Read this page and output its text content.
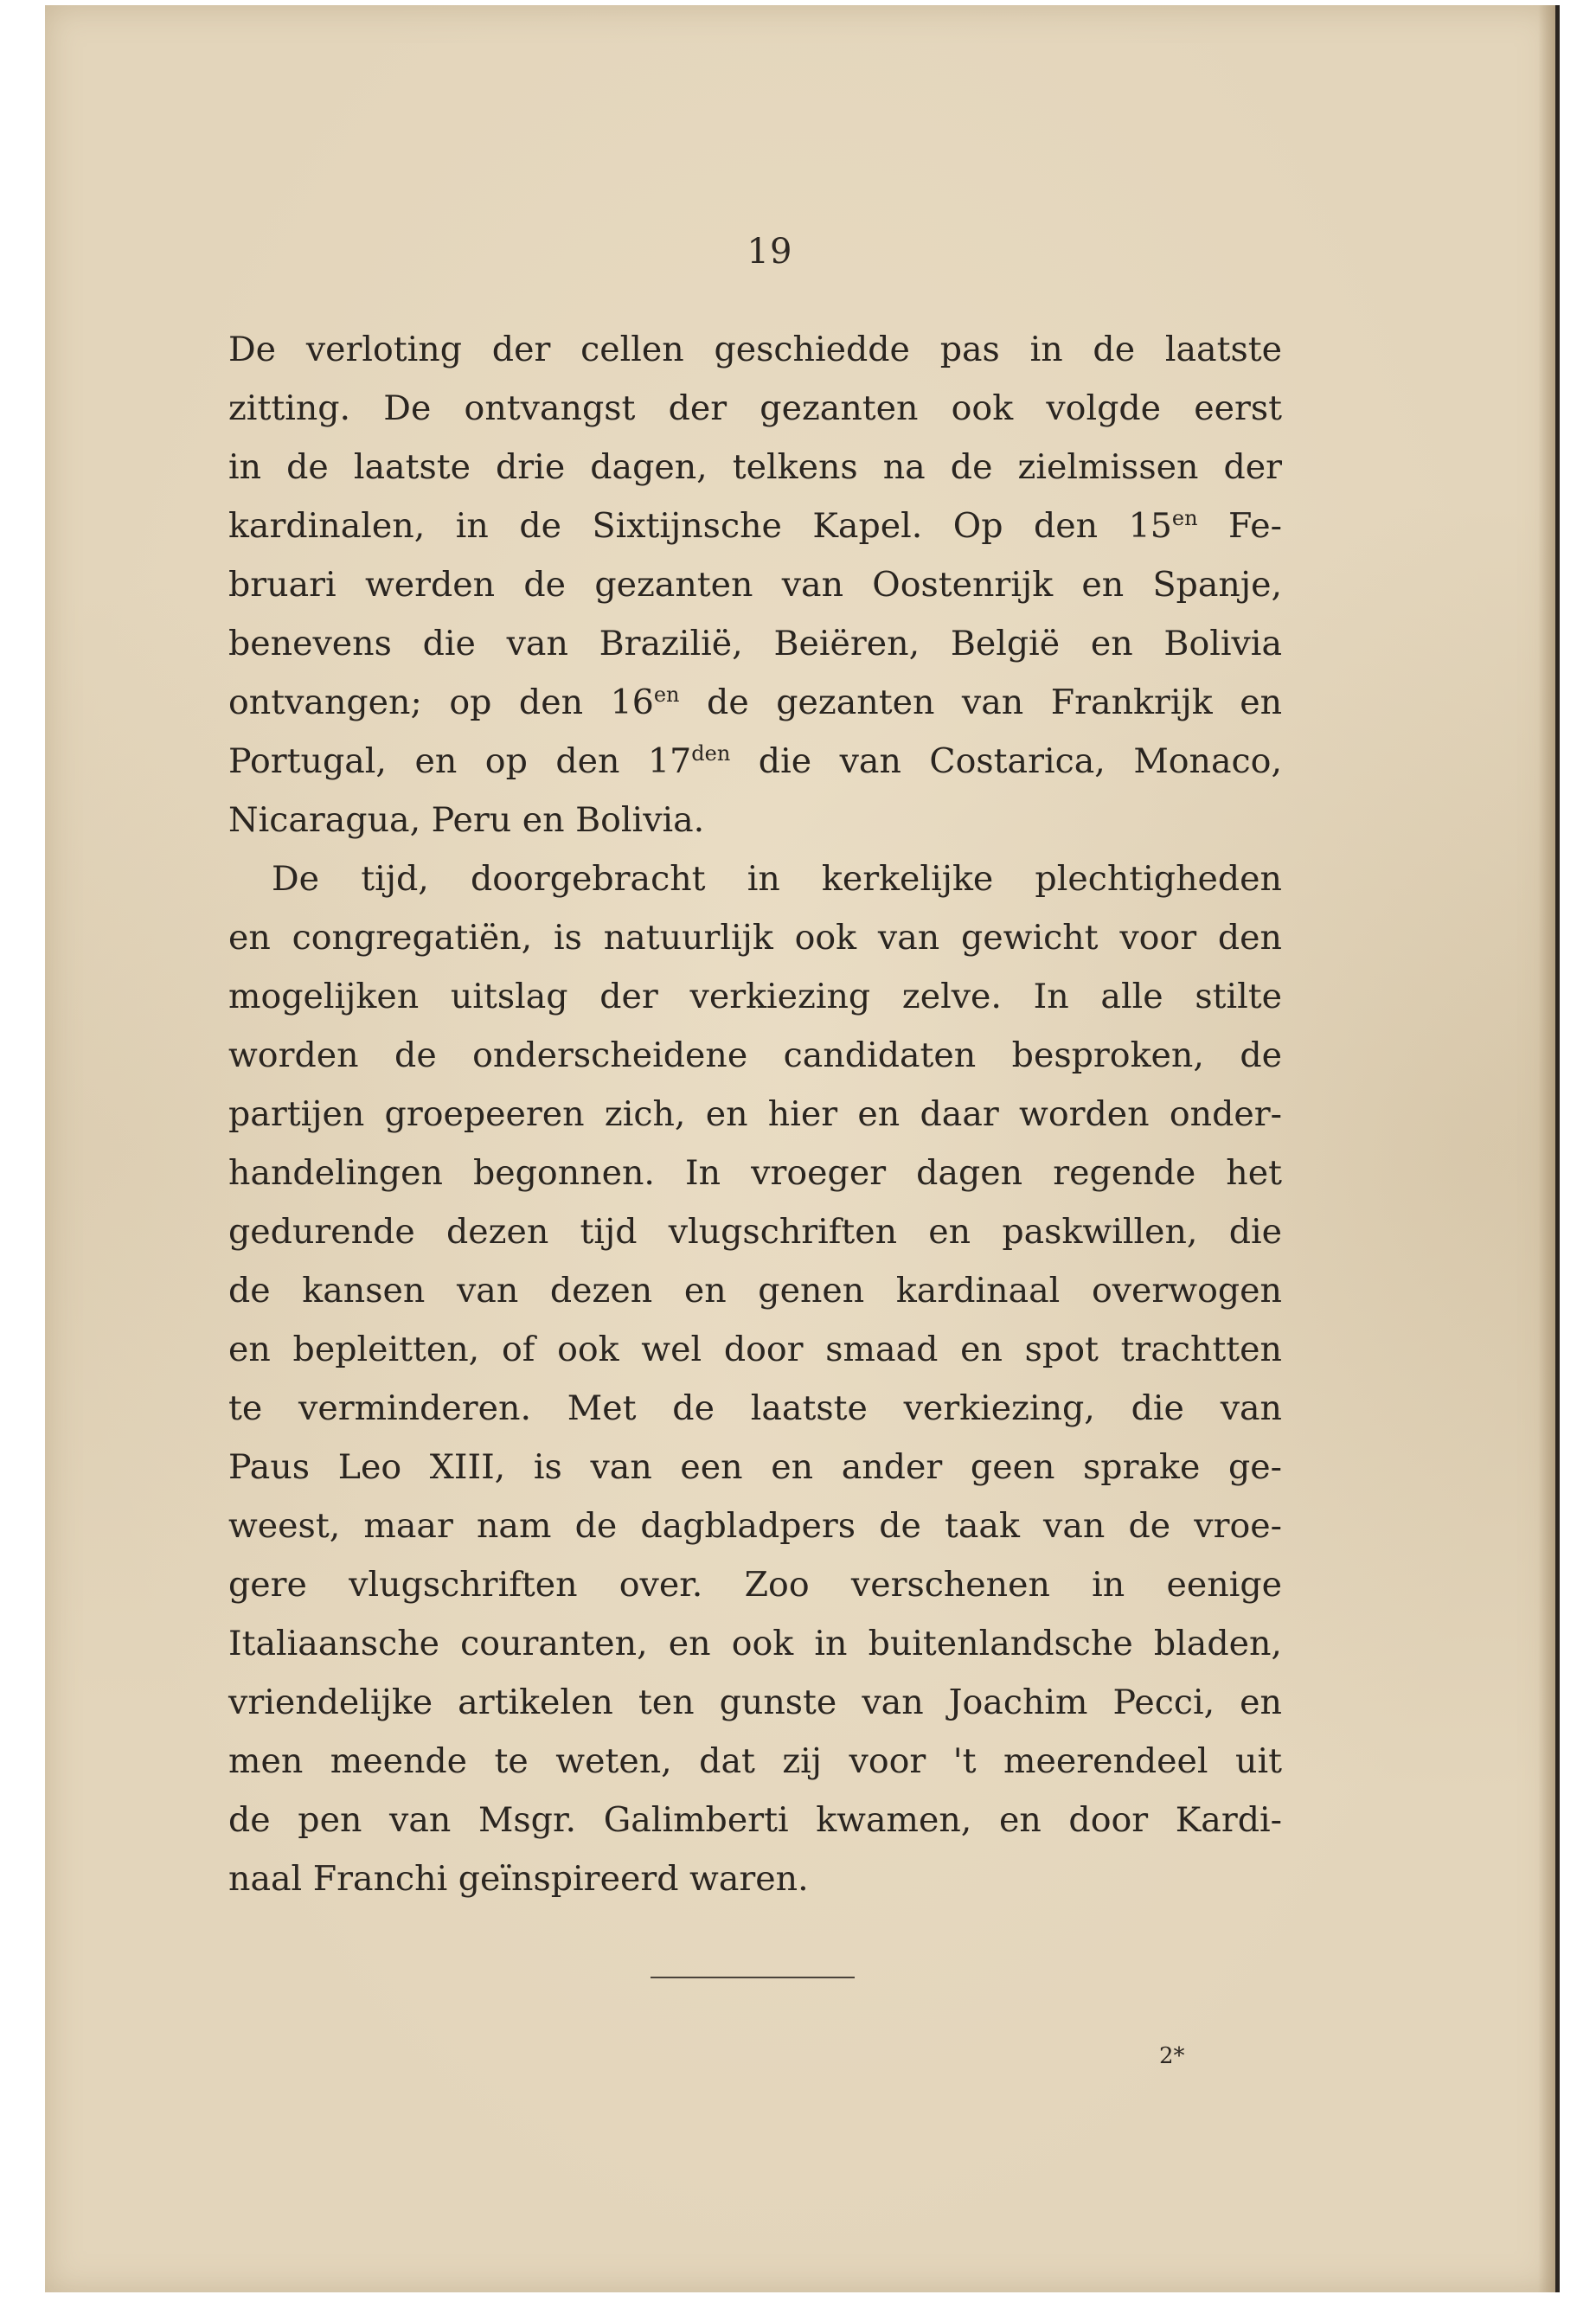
19
De verloting der cellen geschiedde pas in de laatste
zitting. De ontvangst der gezanten ook volgde eerst
in de laatste drie dagen, telkens na de zielmissen der
kardinalen, in de Sixtijnsche Kapel. Op den $15^{en}$ Fe-
bruari werden de gezanten van Oostenrijk en Spanje,
benevens die van Brazilië, Beiëren, België en Bolivia
ontvangen; op den $16^{en}$ de gezanten van Frankrijk en
Portugal, en op den $17^{den}$ die van Costarica, Monaco,
Nicaragua, Peru en Bolivia.
De tijd, doorgebracht in kerkelijke plechtigheden
en congregatiën, is natuurlijk ook van gewicht voor den
mogelijken uitslag der verkiezing zelve. In alle stilte
worden de onderscheidene candidaten besproken, de
partijen groepeeren zich, en hier en daar worden onder-
handelingen begonnen. In vroeger dagen regende het
gedurende dezen tijd vlugschriften en paskwillen, die
de kansen van dezen en genen kardinaal overwogen
en bepleitten, of ook wel door smaad en spot trachtten
te verminderen. Met de laatste verkiezing, die van
Paus Leo XIII, is van een en ander geen sprake ge-
weest, maar nam de dagbladpers de taak van de vroe-
gere vlugschriften over. Zoo verschenen in eenige
Italiaansche couranten, en ook in buitenlandsche bladen,
vriendelijke artikelen ten gunste van Joachim Pecci, en
men meende te weten, dat zij voor 't meerendeel uit
de pen van Msgr. Galimberti kwamen, en door Kardi-
naal Franchi geïnspireerd waren.
2*
